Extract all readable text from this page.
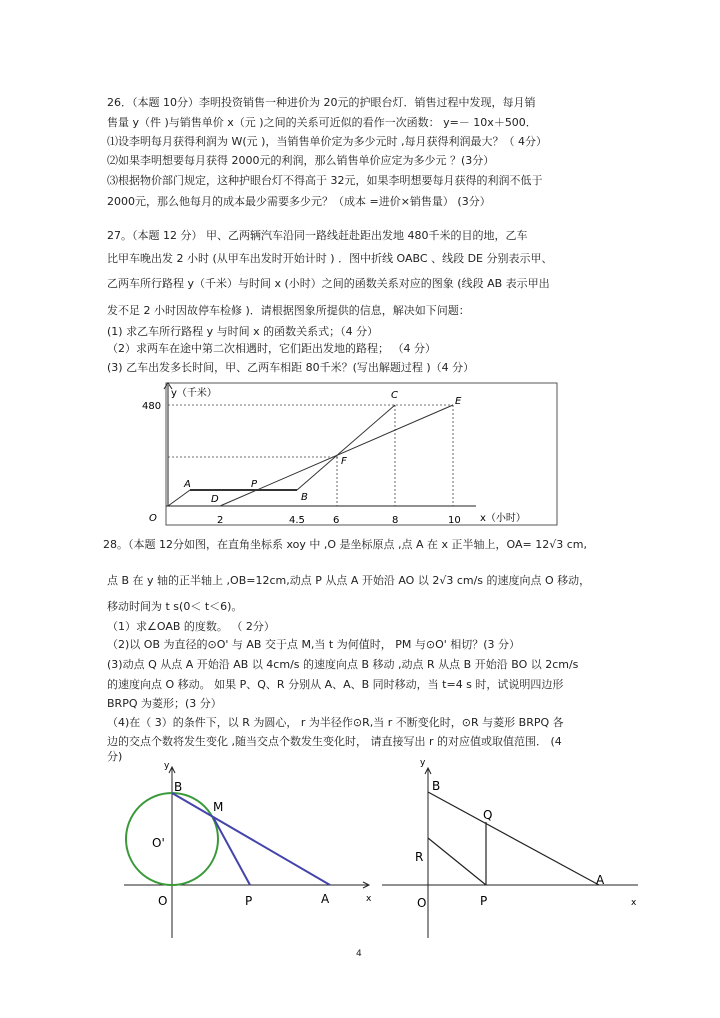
26．（本题 10分）李明投资销售一种进价为 20元的护眼台灯．销售过程中发现，每月销
售量 y（件 )与销售单价 x（元 )之间的关系可近似的看作一次函数： y=－ 10x＋500．
⑴设李明每月获得利润为 W(元 )，当销售单价定为多少元时 ,每月获得利润最大？（ 4分）
⑵如果李明想要每月获得 2000元的利润，那么销售单价应定为多少元 ？(3分）
⑶根据物价部门规定，这种护眼台灯不得高于 32元，如果李明想要每月获得的利润不低于
2000元，那么他每月的成本最少需要多少元？（成本 =进价×销售量） (3分）
27。（本题 12 分） 甲、乙两辆汽车沿同一路线赶赴距出发地 480千米的目的地，乙车
比甲车晚出发 2 小时 (从甲车出发时开始计时 ) ．图中折线 OABC 、线段 DE 分别表示甲、
乙两车所行路程 y（千米）与时间 x (小时）之间的函数关系对应的图象 (线段 AB 表示甲出
发不足 2 小时因故停车检修 )．请根据图象所提供的信息，解决如下问题：
(1) 求乙车所行路程 y 与时间 x 的函数关系式；（4 分）
（2）求两车在途中第二次相遇时，它们距出发地的路程； （4 分）
(3) 乙车出发多长时间，甲、乙两车相距 80千米？(写出解题过程 )（4 分）
y（千米）
480
O	2	4.5	6	8	10 x（小时）
A
B
C
D
E
F
P
28。（本题 12分如图，在直角坐标系 xoy 中 ,O 是坐标原点 ,点 A 在 x 正半轴上，OA= 12√3 cm,
点 B 在 y 轴的正半轴上 ,OB=12cm,动点 P 从点 A 开始沿 AO 以 2√3 cm/s 的速度向点 O 移动，
移动时间为 t s(0＜ t＜6)。
（1）求∠OAB 的度数。 （ 2分）
（2)以 OB 为直径的⊙O' 与 AB 交于点 M,当 t 为何值时， PM 与⊙O' 相切？(3 分）
(3)动点 Q 从点 A 开始沿 AB 以 4cm/s 的速度向点 B 移动 ,动点 R 从点 B 开始沿 BO 以 2cm/s
的速度向点 O 移动。 如果 P、Q、R 分别从 A、A、B 同时移动，当 t=4 s 时，试说明四边形
BRPQ 为菱形；(3 分）
（4)在（ 3）的条件下，以 R 为圆心， r 为半径作⊙R,当 r 不断变化时，⊙R 与菱形 BRPQ 各
边的交点个数将发生变化 ,随当交点个数发生变化时， 请直接写出 r 的对应值或取值范围． (4
分)
y
B
M
O'
O	P	A	x
y
B
Q
R
O	P
A
x
4
